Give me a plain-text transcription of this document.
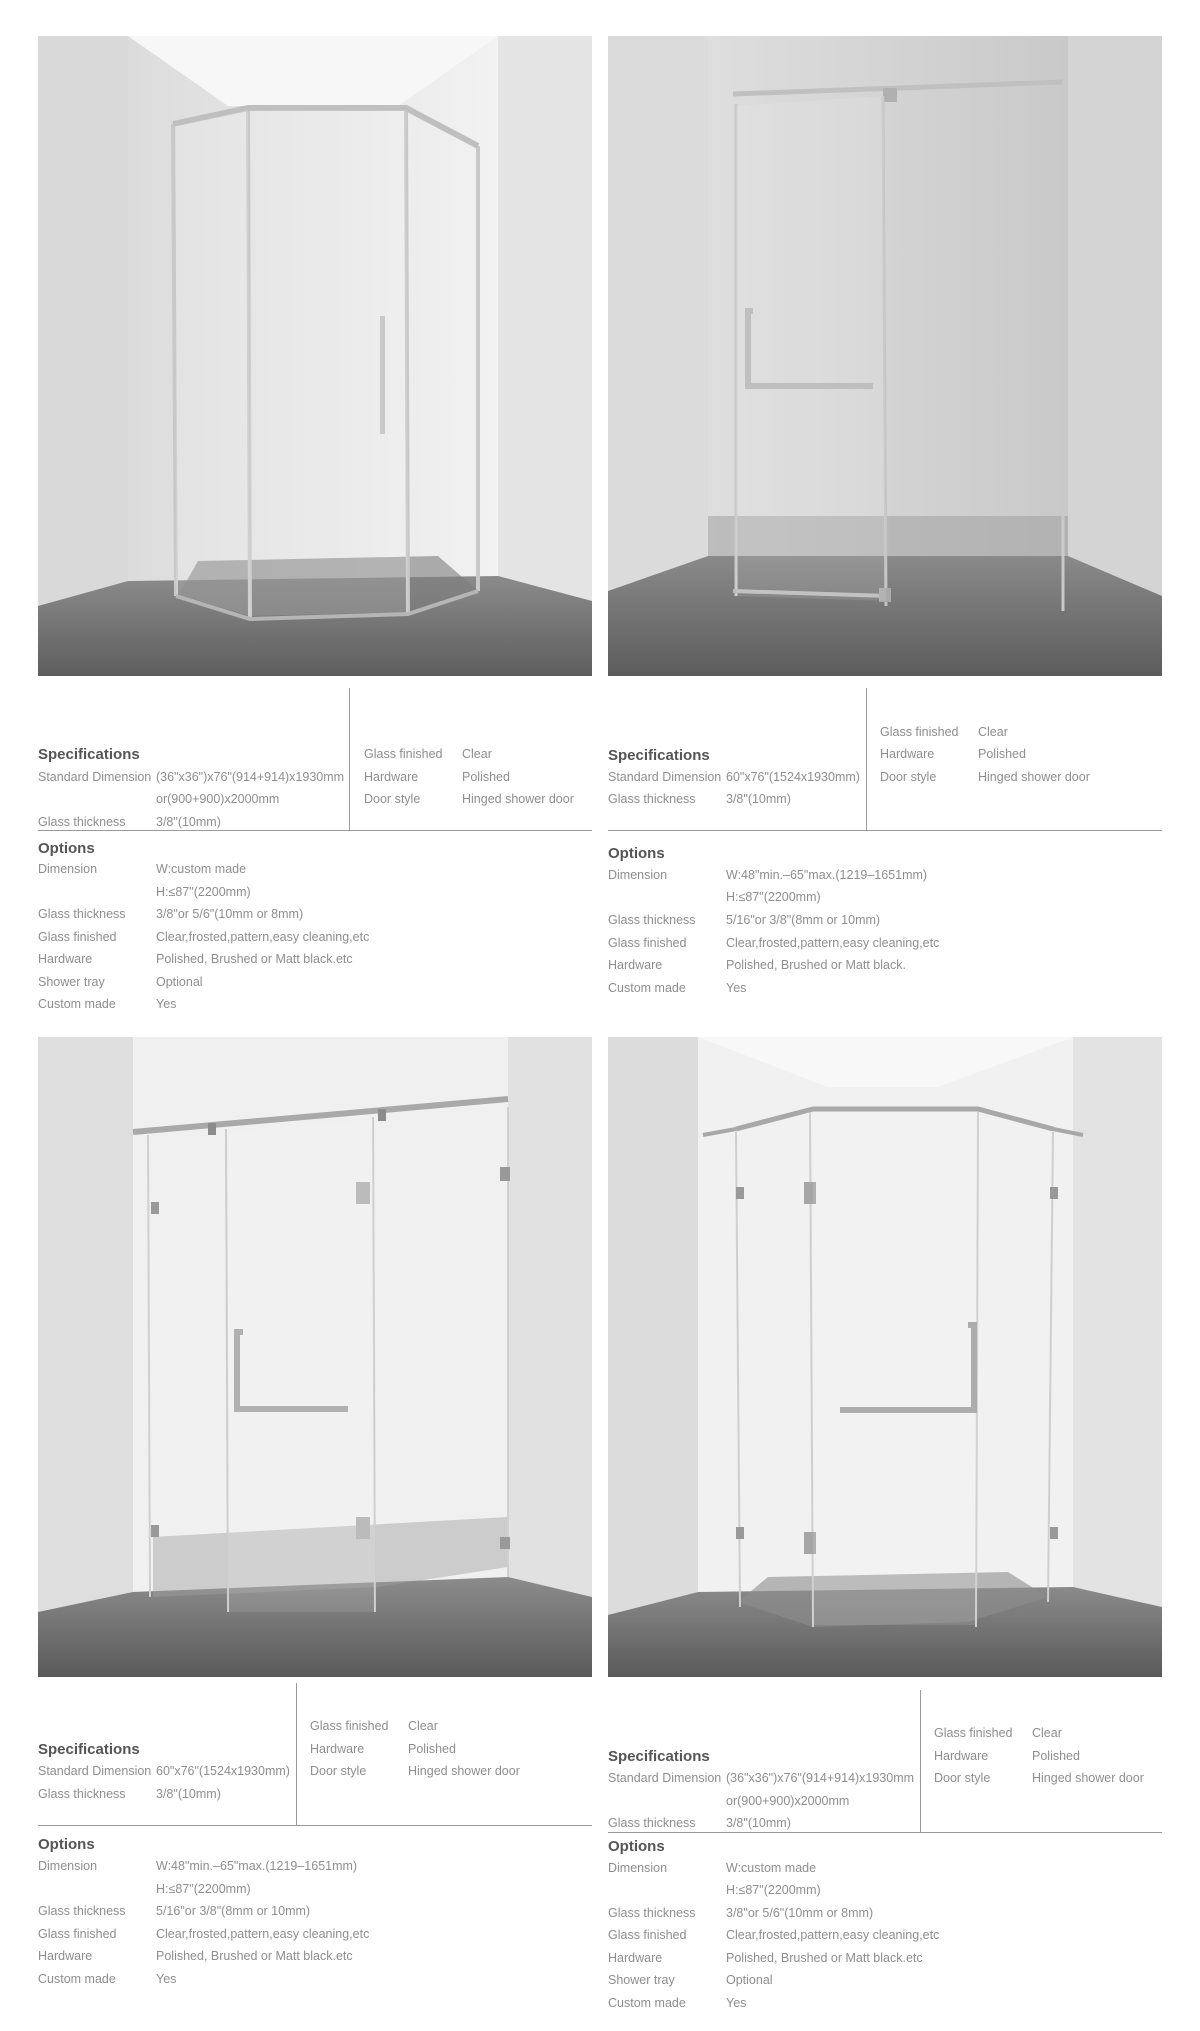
Specifications
Standard Dimension (36"x36")x76"(914+914)x1930mm
or(900+900)x2000mm
Glass thickness 3/8"(10mm)
Glass finished Clear
Hardware	Polished
Door style	Hinged shower door
Options
Dimension	W:custom made
H:≤87"(2200mm)
Glass thickness 3/8"or 5/6"(10mm or 8mm)
Glass finished	Clear,frosted,pattern,easy cleaning,etc
Hardware	Polished, Brushed or Matt black.etc
Shower tray	Optional
Custom made	Yes
Specifications
Standard Dimension 60"x76"(1524x1930mm)
Glass thickness 3/8"(10mm)
Glass finished Clear
Hardware	Polished
Door style	Hinged shower door
Options
Dimension	W:48"min.–65"max.(1219–1651mm)
H:≤87"(2200mm)
Glass thickness 5/16"or 3/8"(8mm or 10mm)
Glass finished	Clear,frosted,pattern,easy cleaning,etc
Hardware	Polished, Brushed or Matt black.
Custom made	Yes
Specifications
Standard Dimension 60"x76"(1524x1930mm)
Glass thickness 3/8"(10mm)
Glass finished Clear
Hardware	Polished
Door style	Hinged shower door
Options
Dimension	W:48"min.–65"max.(1219–1651mm)
H:≤87"(2200mm)
Glass thickness 5/16"or 3/8"(8mm or 10mm)
Glass finished	Clear,frosted,pattern,easy cleaning,etc
Hardware	Polished, Brushed or Matt black.etc
Custom made	Yes
Specifications
Standard Dimension (36"x36")x76"(914+914)x1930mm
or(900+900)x2000mm
Glass thickness 3/8"(10mm)
Glass finished Clear
Hardware	Polished
Door style	Hinged shower door
Options
Dimension	W:custom made
H:≤87"(2200mm)
Glass thickness 3/8"or 5/6"(10mm or 8mm)
Glass finished	Clear,frosted,pattern,easy cleaning,etc
Hardware	Polished, Brushed or Matt black.etc
Shower tray	Optional
Custom made	Yes
